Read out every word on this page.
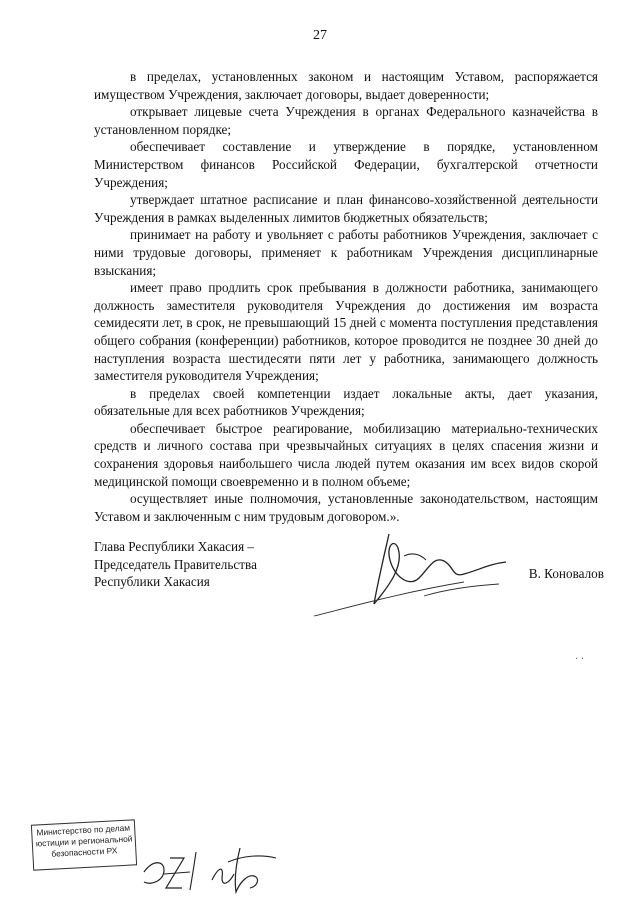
27

в пределах, установленных законом и настоящим Уставом, распоряжается имуществом Учреждения, заключает договоры, выдает доверенности;

открывает лицевые счета Учреждения в органах Федерального казначейства в установленном порядке;

обеспечивает составление и утверждение в порядке, установленном Министерством финансов Российской Федерации, бухгалтерской отчетности Учреждения;

утверждает штатное расписание и план финансово-хозяйственной деятельности Учреждения в рамках выделенных лимитов бюджетных обязательств;

принимает на работу и увольняет с работы работников Учреждения, заключает с ними трудовые договоры, применяет к работникам Учреждения дисциплинарные взыскания;

имеет право продлить срок пребывания в должности работника, занимающего должность заместителя руководителя Учреждения до достижения им возраста семидесяти лет, в срок, не превышающий 15 дней с момента поступления представления общего собрания (конференции) работников, которое проводится не позднее 30 дней до наступления возраста шестидесяти пяти лет у работника, занимающего должность заместителя руководителя Учреждения;

в пределах своей компетенции издает локальные акты, дает указания, обязательные для всех работников Учреждения;

обеспечивает быстрое реагирование, мобилизацию материально-технических средств и личного состава при чрезвычайных ситуациях в целях спасения жизни и сохранения здоровья наибольшего числа людей путем оказания им всех видов скорой медицинской помощи своевременно и в полном объеме;

осуществляет иные полномочия, установленные законодательством, настоящим Уставом и заключенным с ним трудовым договором.».

Глава Республики Хакасия –
Председатель Правительства
Республики Хакасия
В. Коновалов
· ·
Министерство по делам
юстиции и региональной
безопасности РХ
